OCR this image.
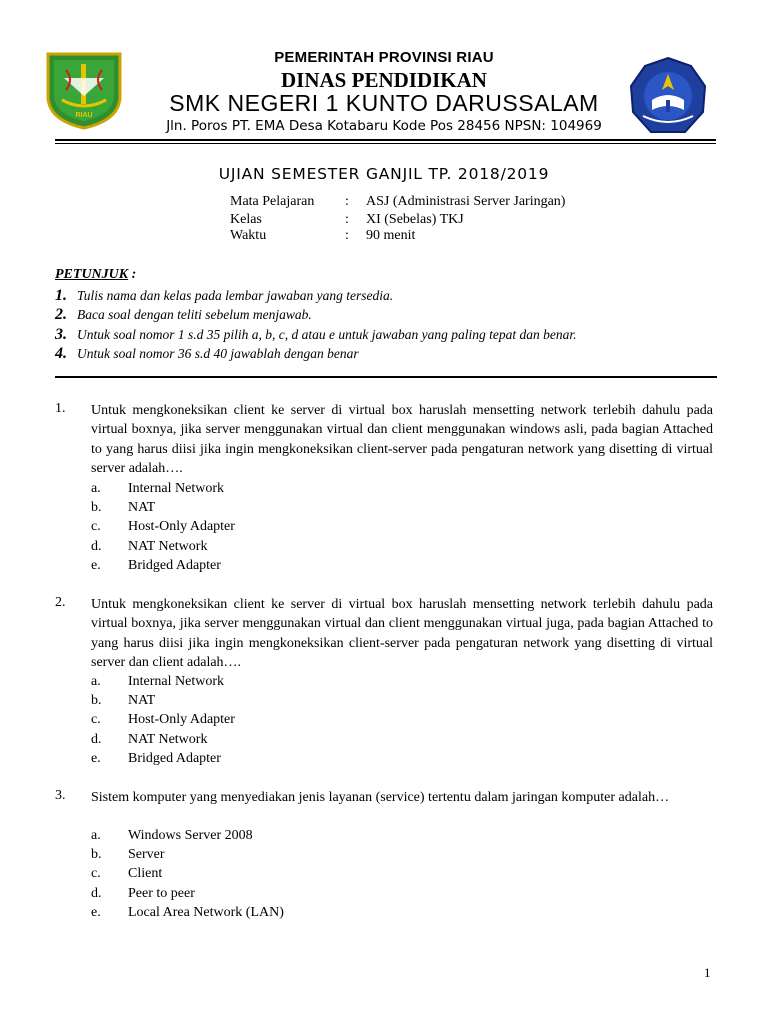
RIAU
PEMERINTAH PROVINSI RIAU
DINAS PENDIDIKAN
SMK NEGERI 1 KUNTO DARUSSALAM
Jln. Poros PT. EMA Desa Kotabaru Kode Pos 28456 NPSN: 104969
UJIAN SEMESTER GANJIL TP. 2018/2019
Mata Pelajaran	: ASJ (Administrasi Server Jaringan)
Kelas	: XI (Sebelas) TKJ
Waktu	: 90 menit
PETUNJUK :
1. Tulis nama dan kelas pada lembar jawaban yang tersedia.
2. Baca soal dengan teliti sebelum menjawab.
3. Untuk soal nomor 1 s.d 35 pilih a, b, c, d atau e untuk jawaban yang paling tepat dan benar.
4. Untuk soal nomor 36 s.d 40 jawablah dengan benar
1. Untuk mengkoneksikan client ke server di virtual box haruslah mensetting network terlebih dahulu pada virtual boxnya, jika server menggunakan virtual dan client menggunakan windows asli, pada bagian Attached to yang harus diisi jika ingin mengkoneksikan client-server pada pengaturan network yang disetting di virtual server adalah….
a. Internal Network
b. NAT
c. Host-Only Adapter
d. NAT Network
e. Bridged Adapter
2. Untuk mengkoneksikan client ke server di virtual box haruslah mensetting network terlebih dahulu pada virtual boxnya, jika server menggunakan virtual dan client menggunakan virtual juga, pada bagian Attached to yang harus diisi jika ingin mengkoneksikan client-server pada pengaturan network yang disetting di virtual server dan client adalah….
a. Internal Network
b. NAT
c. Host-Only Adapter
d. NAT Network
e. Bridged Adapter
3. Sistem komputer yang menyediakan jenis layanan (service) tertentu dalam jaringan komputer adalah…
a. Windows Server 2008
b. Server
c. Client
d. Peer to peer
e. Local Area Network (LAN)
1
